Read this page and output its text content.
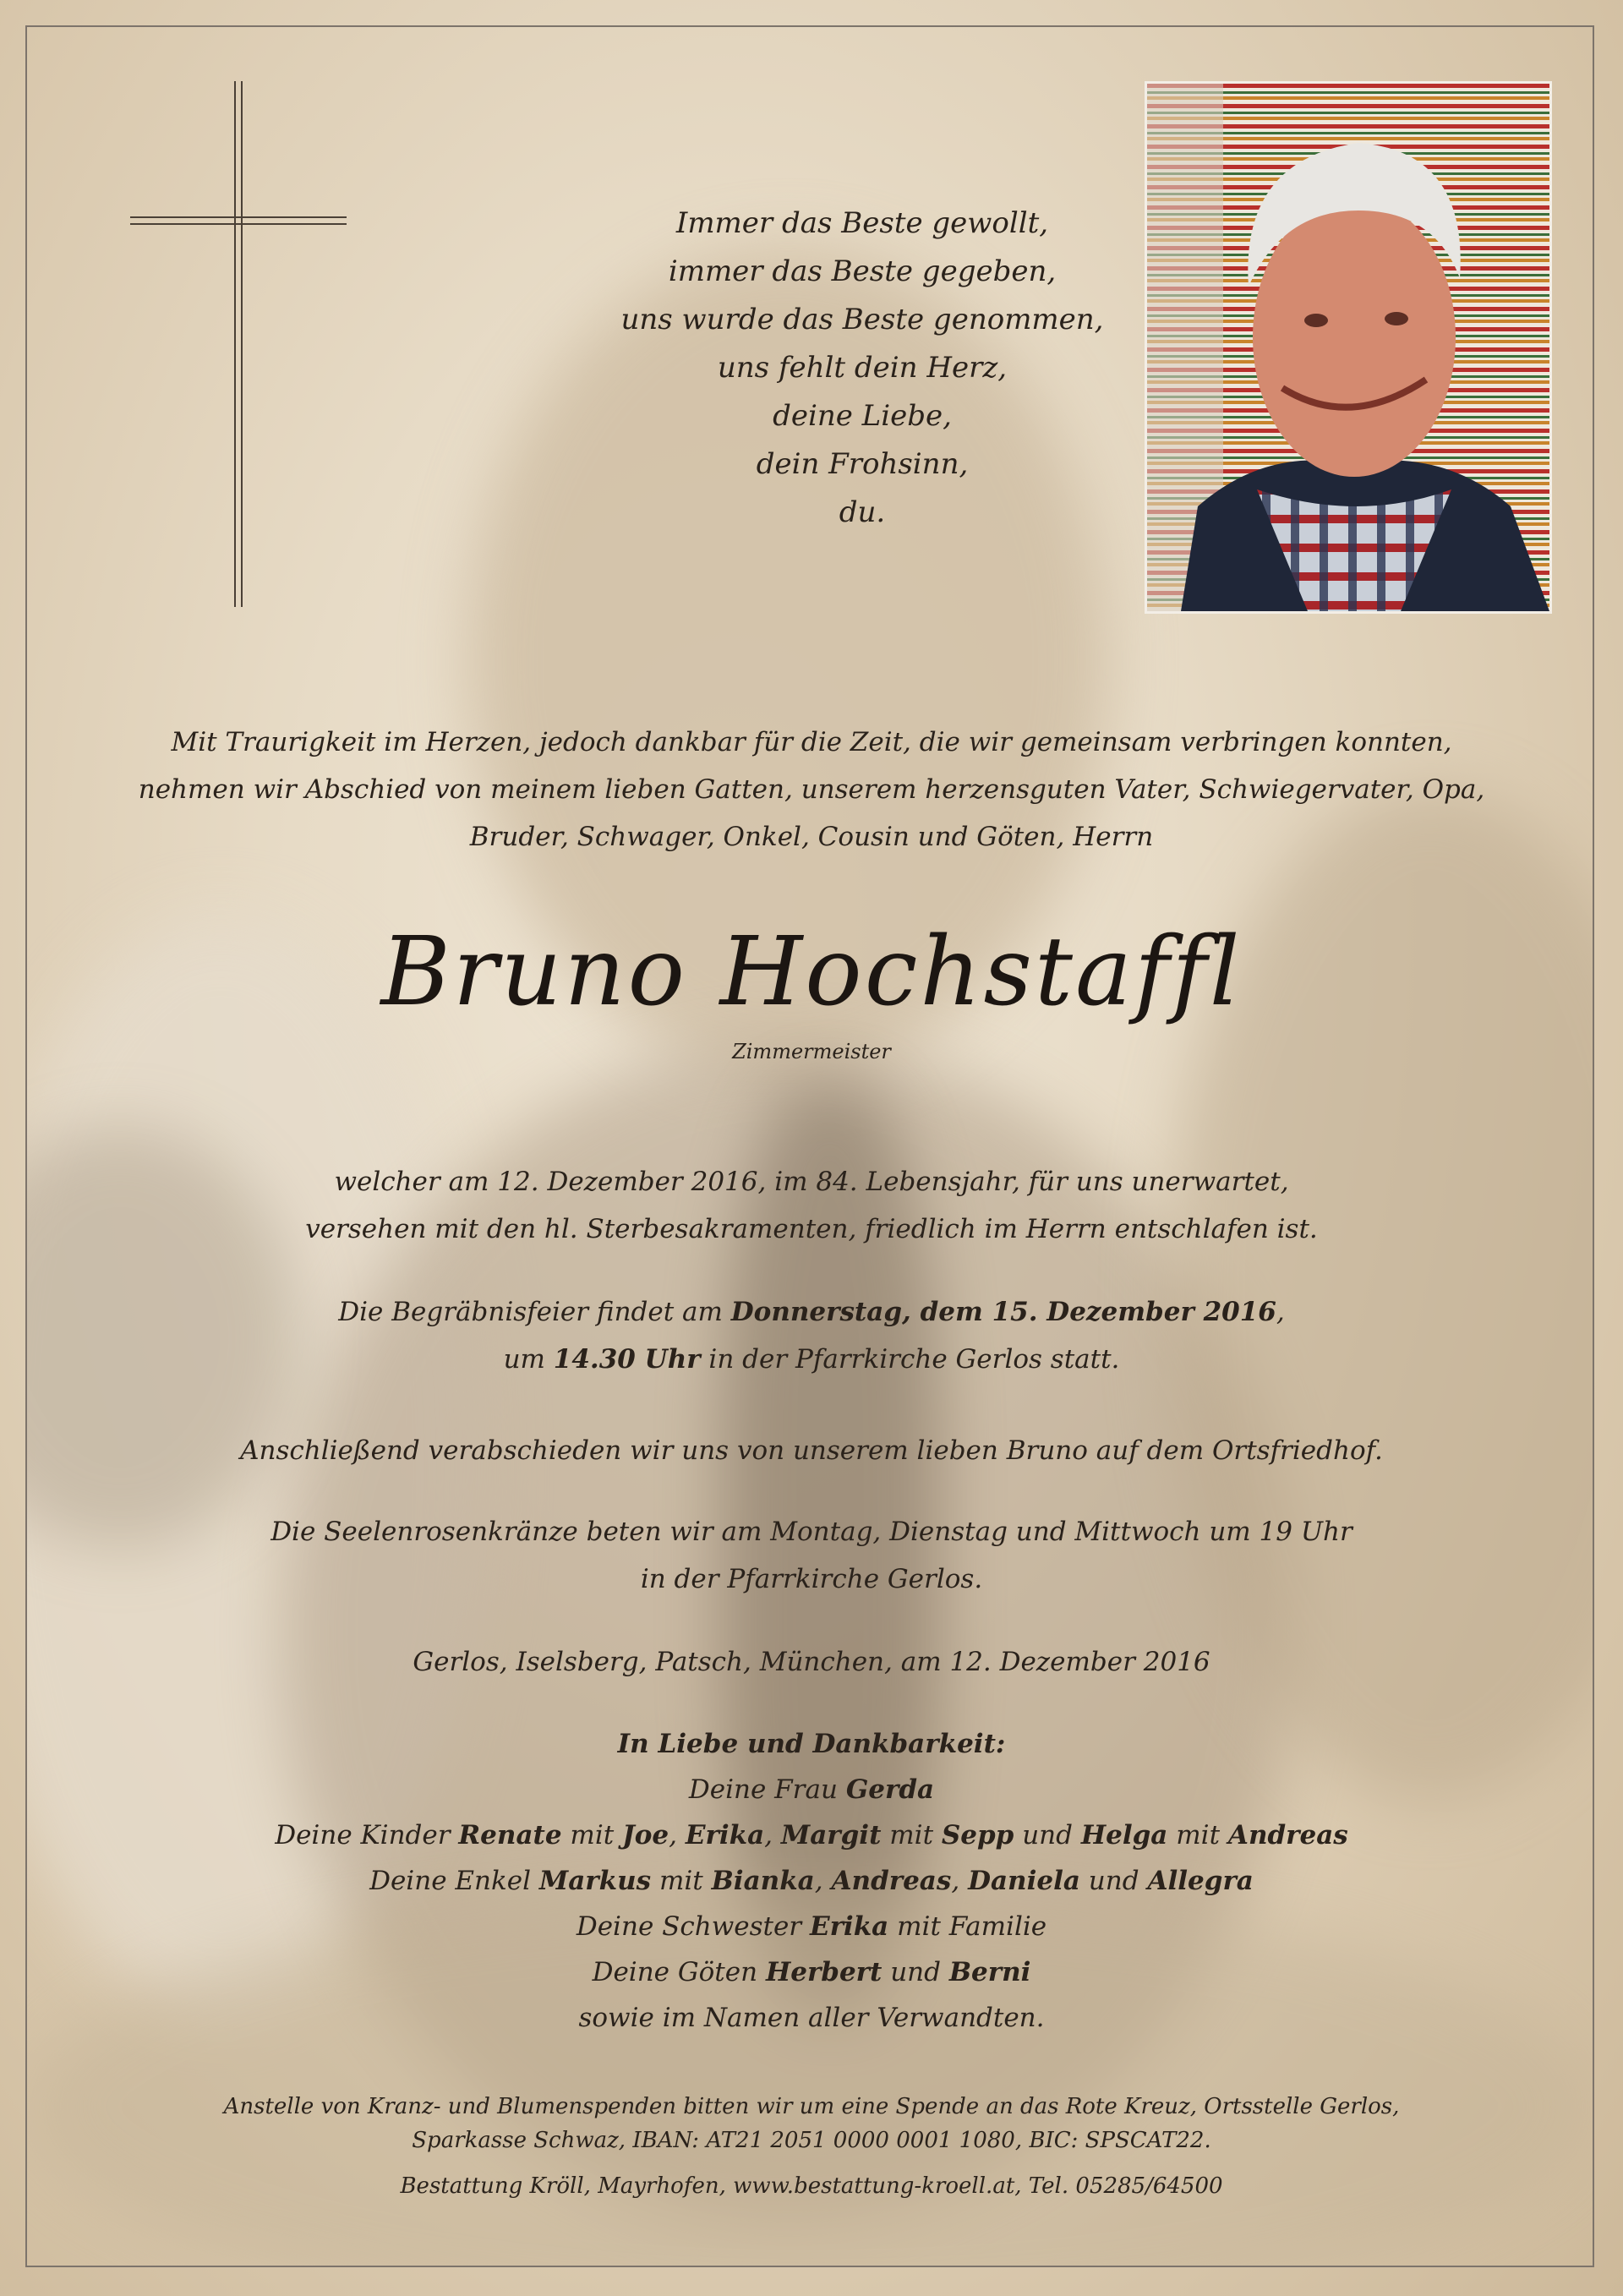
Immer das Beste gewollt,
immer das Beste gegeben,
uns wurde das Beste genommen,
uns fehlt dein Herz,
deine Liebe,
dein Frohsinn,
du.
Mit Traurigkeit im Herzen, jedoch dankbar für die Zeit, die wir gemeinsam verbringen konnten,
nehmen wir Abschied von meinem lieben Gatten, unserem herzensguten Vater, Schwiegervater, Opa,
Bruder, Schwager, Onkel, Cousin und Göten, Herrn
Bruno Hochstaffl
Zimmermeister
welcher am 12. Dezember 2016, im 84. Lebensjahr, für uns unerwartet,
versehen mit den hl. Sterbesakramenten, friedlich im Herrn entschlafen ist.
Die Begräbnisfeier findet am Donnerstag, dem 15. Dezember 2016,
um 14.30 Uhr in der Pfarrkirche Gerlos statt.
Anschließend verabschieden wir uns von unserem lieben Bruno auf dem Ortsfriedhof.
Die Seelenrosenkränze beten wir am Montag, Dienstag und Mittwoch um 19 Uhr
in der Pfarrkirche Gerlos.
Gerlos, Iselsberg, Patsch, München, am 12. Dezember 2016
In Liebe und Dankbarkeit:
Deine Frau Gerda
Deine Kinder Renate mit Joe, Erika, Margit mit Sepp und Helga mit Andreas
Deine Enkel Markus mit Bianka, Andreas, Daniela und Allegra
Deine Schwester Erika mit Familie
Deine Göten Herbert und Berni
sowie im Namen aller Verwandten.
Anstelle von Kranz- und Blumenspenden bitten wir um eine Spende an das Rote Kreuz, Ortsstelle Gerlos,
Sparkasse Schwaz, IBAN: AT21 2051 0000 0001 1080, BIC: SPSCAT22.
Bestattung Kröll, Mayrhofen, www.bestattung-kroell.at, Tel. 05285/64500
